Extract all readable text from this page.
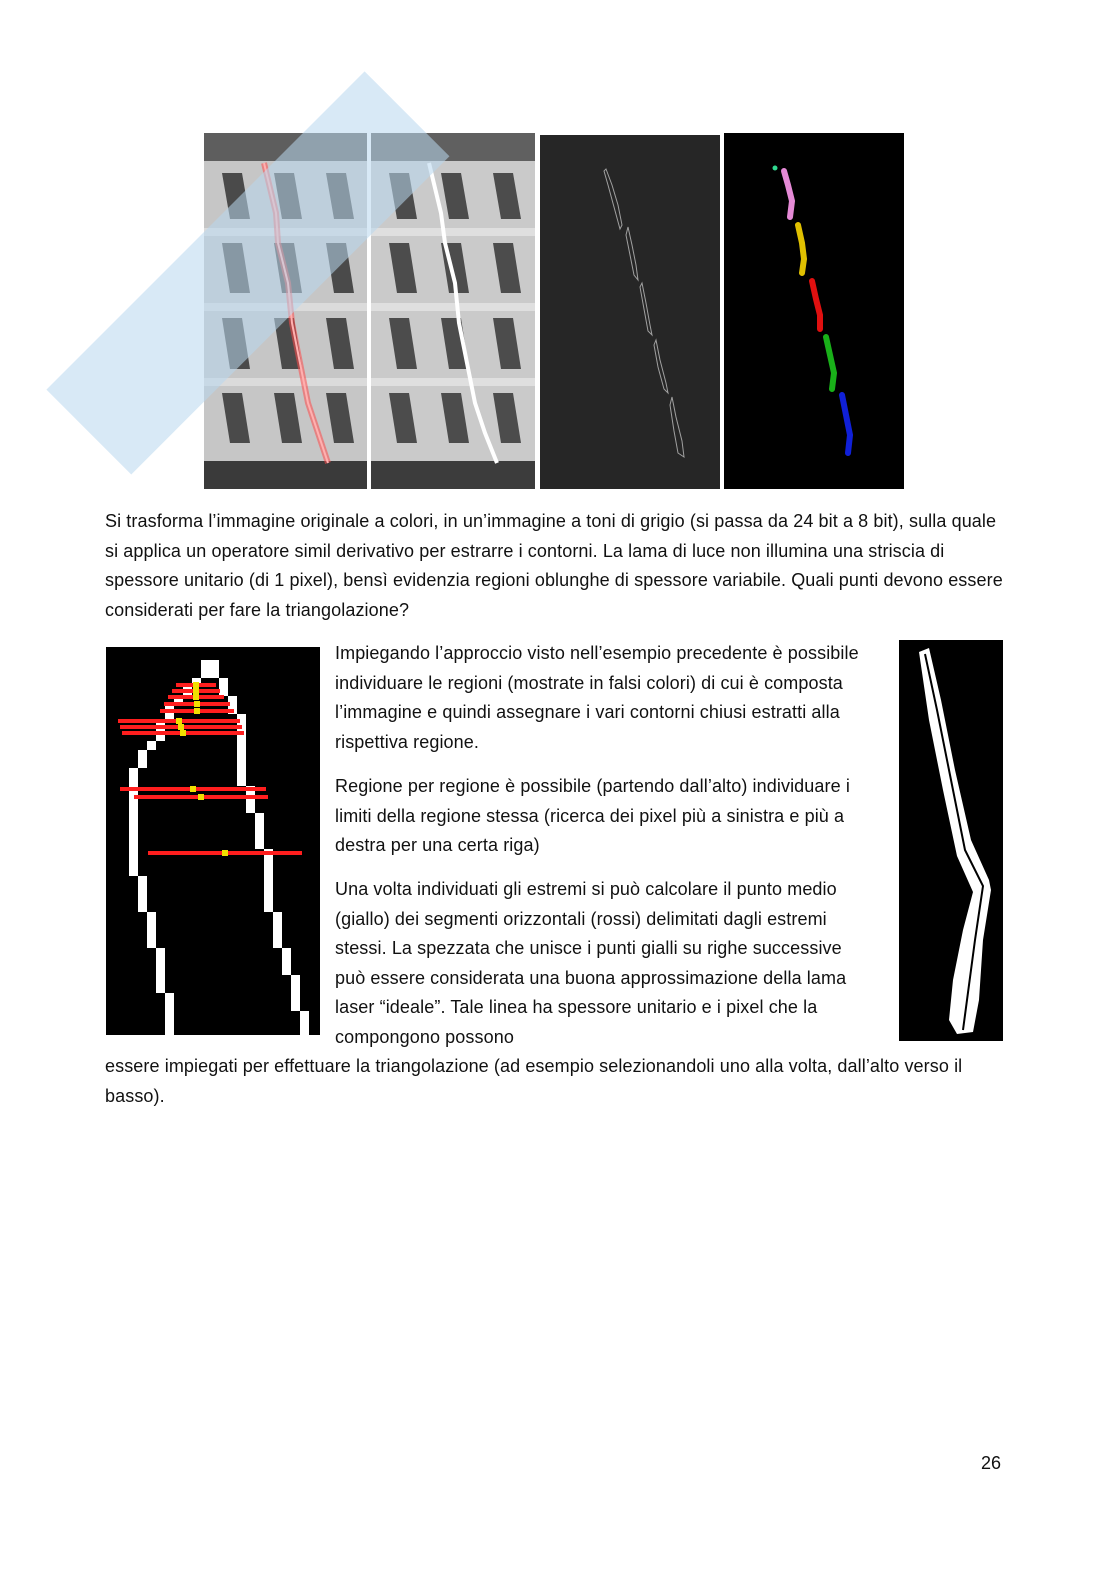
Si trasforma l’immagine originale a colori, in un’immagine a toni di grigio (si passa da 24 bit a 8 bit), sulla quale si applica un operatore simil derivativo per estrarre i contorni. La lama di luce non illumina una striscia di spessore unitario (di 1 pixel), bensì evidenzia regioni oblunghe di spessore variabile. Quali punti devono essere considerati per fare la triangolazione?
Impiegando l’approccio visto nell’esempio precedente è possibile individuare le regioni (mostrate in falsi colori) di cui è composta l’immagine e quindi assegnare i vari contorni chiusi estratti alla rispettiva regione.
Regione per regione è possibile (partendo dall’alto) individuare i limiti della regione stessa (ricerca dei pixel più a sinistra e più a destra per una certa riga)
Una volta individuati gli estremi si può calcolare il punto medio (giallo) dei segmenti orizzontali (rossi) delimitati dagli estremi stessi. La spezzata che unisce i punti gialli su righe successive può essere considerata una buona approssimazione della lama laser “ideale”. Tale linea ha spessore unitario e i pixel che la compongono possono
essere impiegati per effettuare la triangolazione (ad esempio selezionandoli uno alla volta, dall’alto verso il basso).
26
